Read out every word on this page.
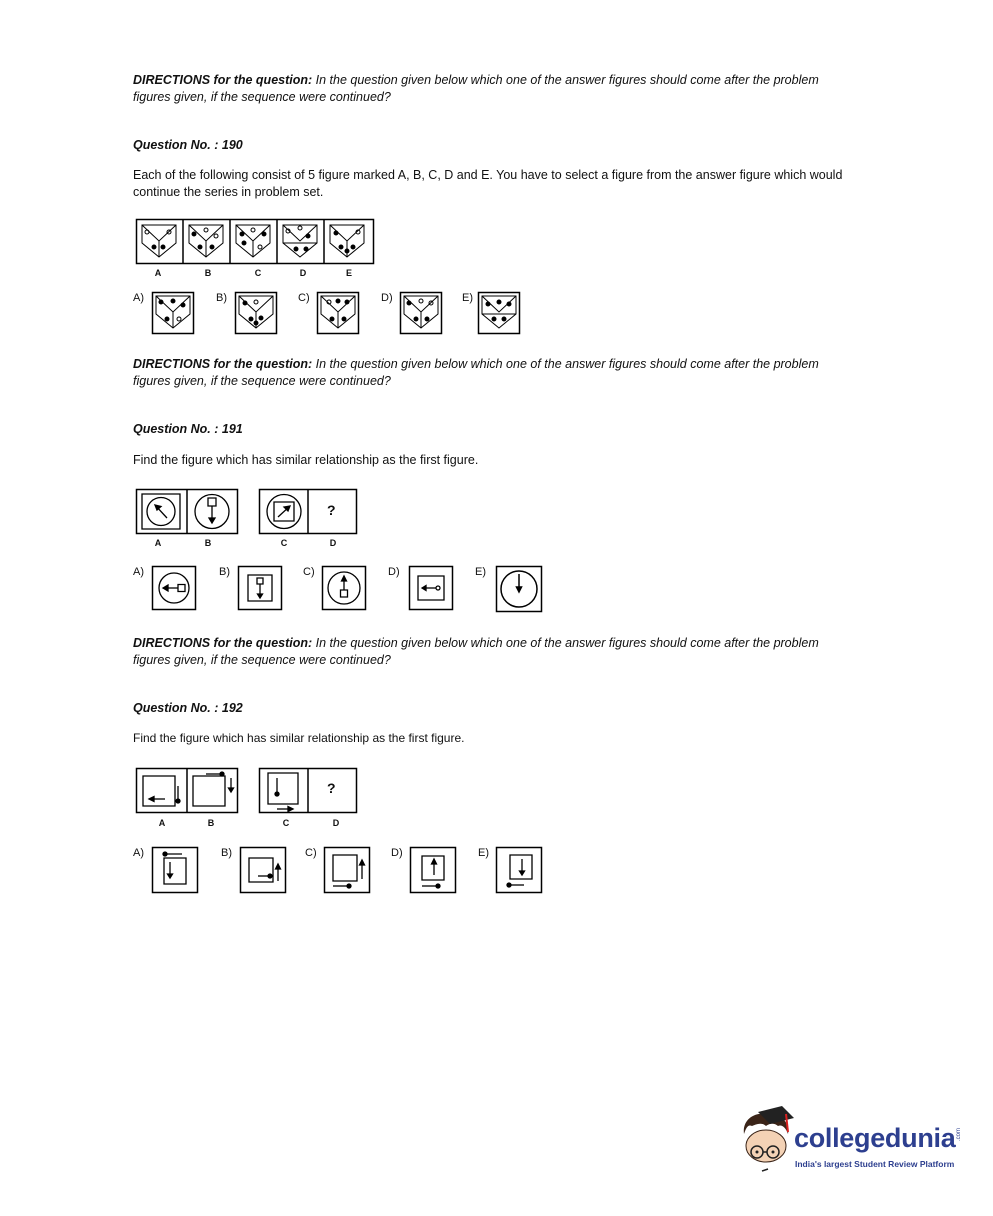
DIRECTIONS for the question: In the question given below which one of the answer figures should come after the problem figures given, if the sequence were continued?
Question No. : 190
Each of the following consist of 5 figure marked A, B, C, D and E. You have to select a figure from the answer figure which would continue the series in problem set.
A	B	C	D	E
A)	B)	C)	D)	E)
DIRECTIONS for the question: In the question given below which one of the answer figures should come after the problem figures given, if the sequence were continued?
Question No. : 191
Find the figure which has similar relationship as the first figure.
?
A	B	C	D
A)	B)	C)	D)	E)
DIRECTIONS for the question: In the question given below which one of the answer figures should come after the problem figures given, if the sequence were continued?
Question No. : 192
Find the figure which has similar relationship as the first figure.
?
A	B	C	D
A)	B)	C)	D)	E)
collegedunia .com
India's largest Student Review Platform
